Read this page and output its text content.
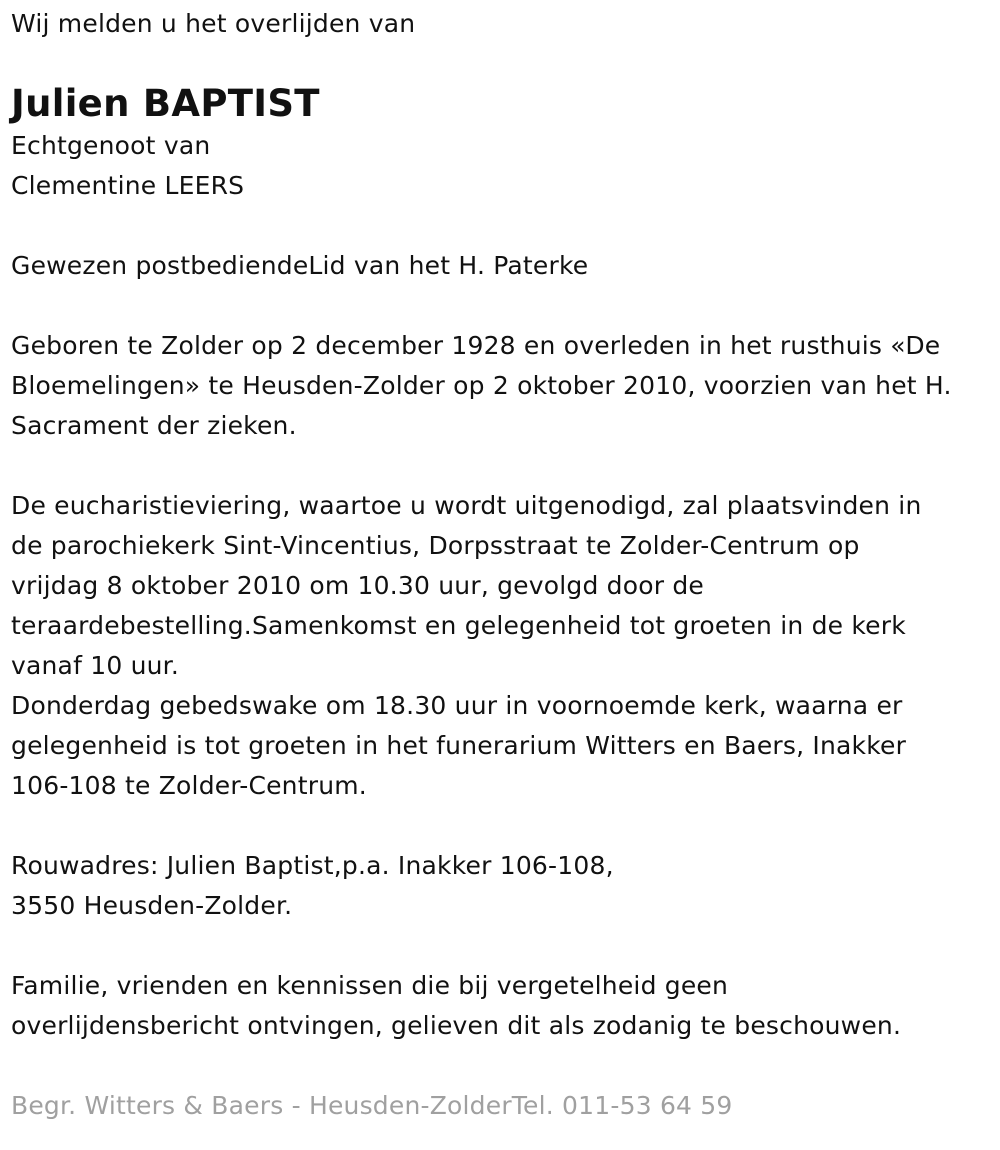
Wij melden u het overlijden van
Julien BAPTIST
Echtgenoot van
Clementine LEERS
Gewezen postbediendeLid van het H. Paterke
Geboren te Zolder op 2 december 1928 en overleden in het rusthuis «De
Bloemelingen» te Heusden-Zolder op 2 oktober 2010, voorzien van het H.
Sacrament der zieken.
De eucharistieviering, waartoe u wordt uitgenodigd, zal plaatsvinden in
de parochiekerk Sint-Vincentius, Dorpsstraat te Zolder-Centrum op
vrijdag 8 oktober 2010 om 10.30 uur, gevolgd door de
teraardebestelling.Samenkomst en gelegenheid tot groeten in de kerk
vanaf 10 uur.
Donderdag gebedswake om 18.30 uur in voornoemde kerk, waarna er
gelegenheid is tot groeten in het funerarium Witters en Baers, Inakker
106-108 te Zolder-Centrum.
Rouwadres: Julien Baptist,p.a. Inakker 106-108,
3550 Heusden-Zolder.
Familie, vrienden en kennissen die bij vergetelheid geen
overlijdensbericht ontvingen, gelieven dit als zodanig te beschouwen.
Begr. Witters & Baers - Heusden-ZolderTel. 011-53 64 59
